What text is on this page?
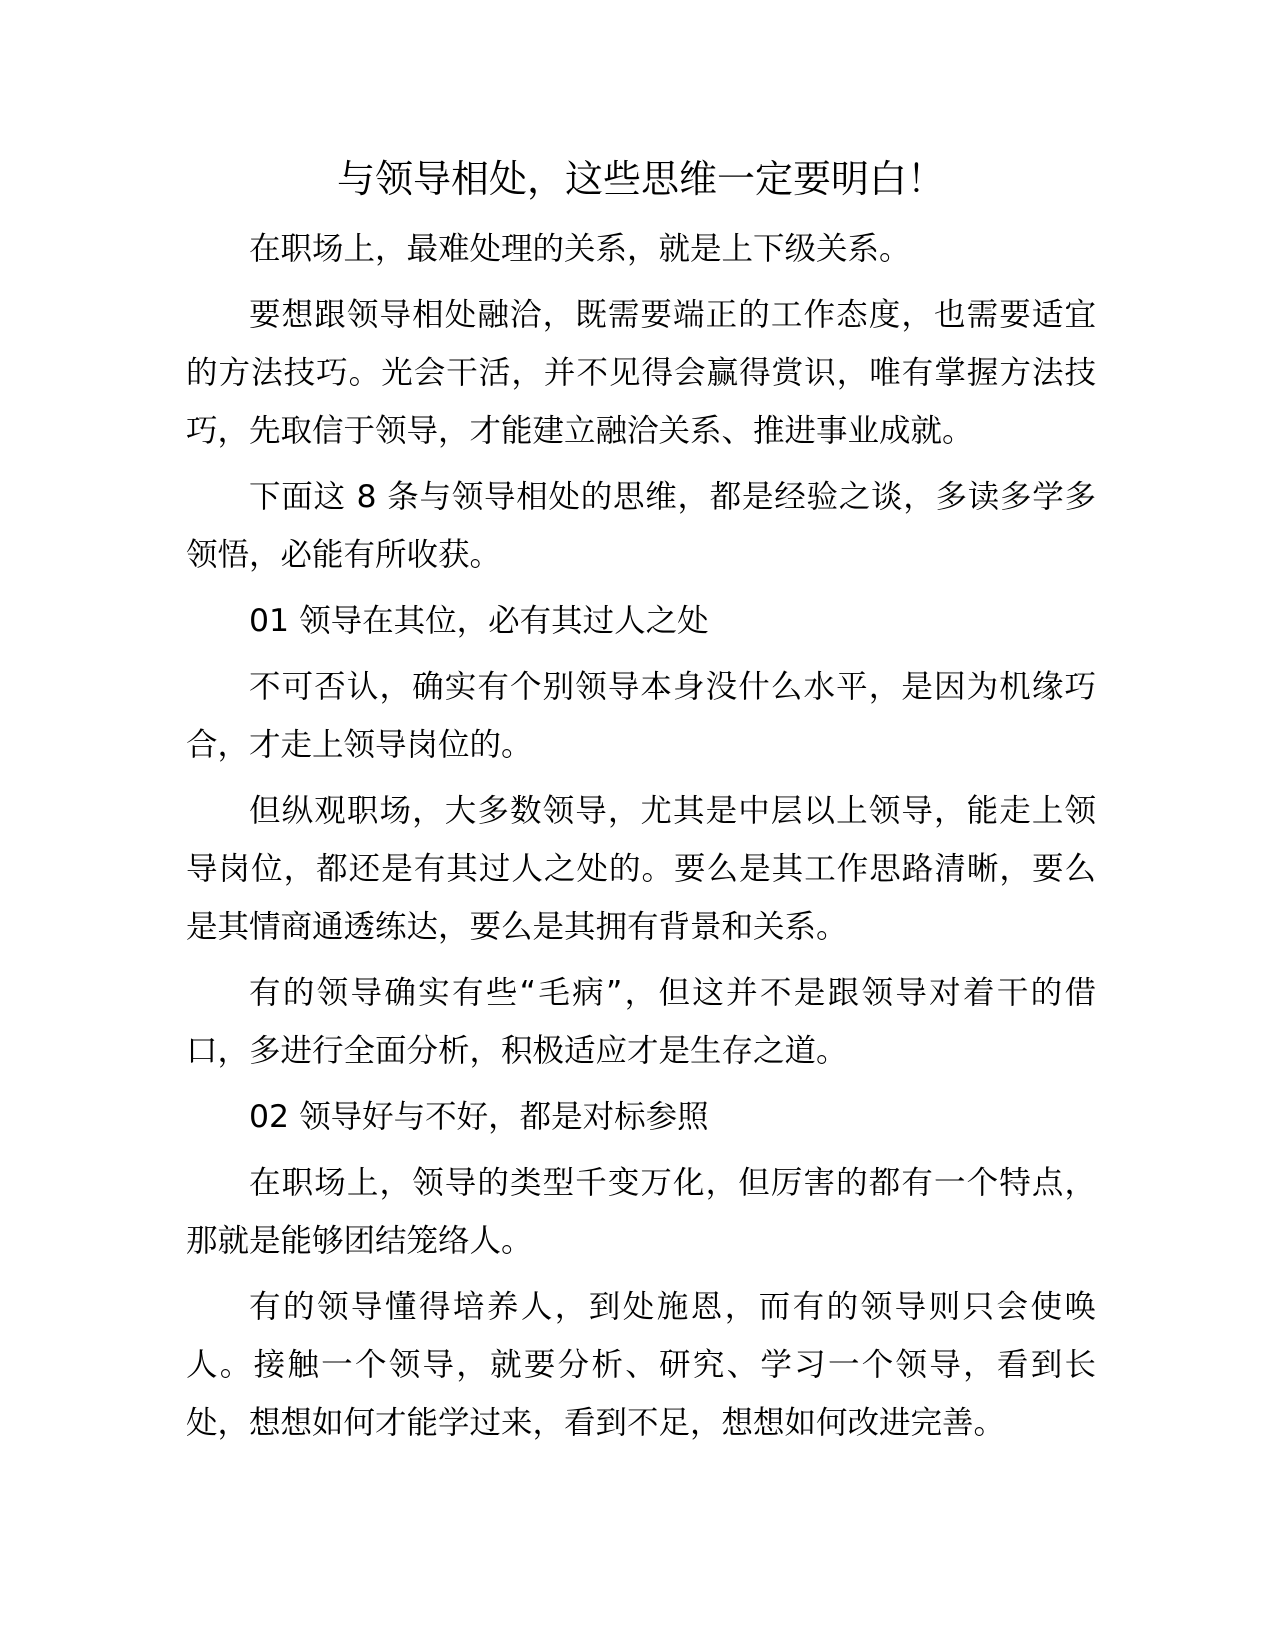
与领导相处，这些思维一定要明白！

在职场上，最难处理的关系，就是上下级关系。

要想跟领导相处融洽，既需要端正的工作态度，也需要适宜的方法技巧。光会干活，并不见得会赢得赏识，唯有掌握方法技巧，先取信于领导，才能建立融洽关系、推进事业成就。

下面这 8 条与领导相处的思维，都是经验之谈，多读多学多领悟，必能有所收获。

01 领导在其位，必有其过人之处

不可否认，确实有个别领导本身没什么水平，是因为机缘巧合，才走上领导岗位的。

但纵观职场，大多数领导，尤其是中层以上领导，能走上领导岗位，都还是有其过人之处的。要么是其工作思路清晰，要么是其情商通透练达，要么是其拥有背景和关系。

有的领导确实有些“毛病”，但这并不是跟领导对着干的借口，多进行全面分析，积极适应才是生存之道。

02 领导好与不好，都是对标参照

在职场上，领导的类型千变万化，但厉害的都有一个特点，那就是能够团结笼络人。

有的领导懂得培养人，到处施恩，而有的领导则只会使唤人。接触一个领导，就要分析、研究、学习一个领导，看到长处，想想如何才能学过来，看到不足，想想如何改进完善。
